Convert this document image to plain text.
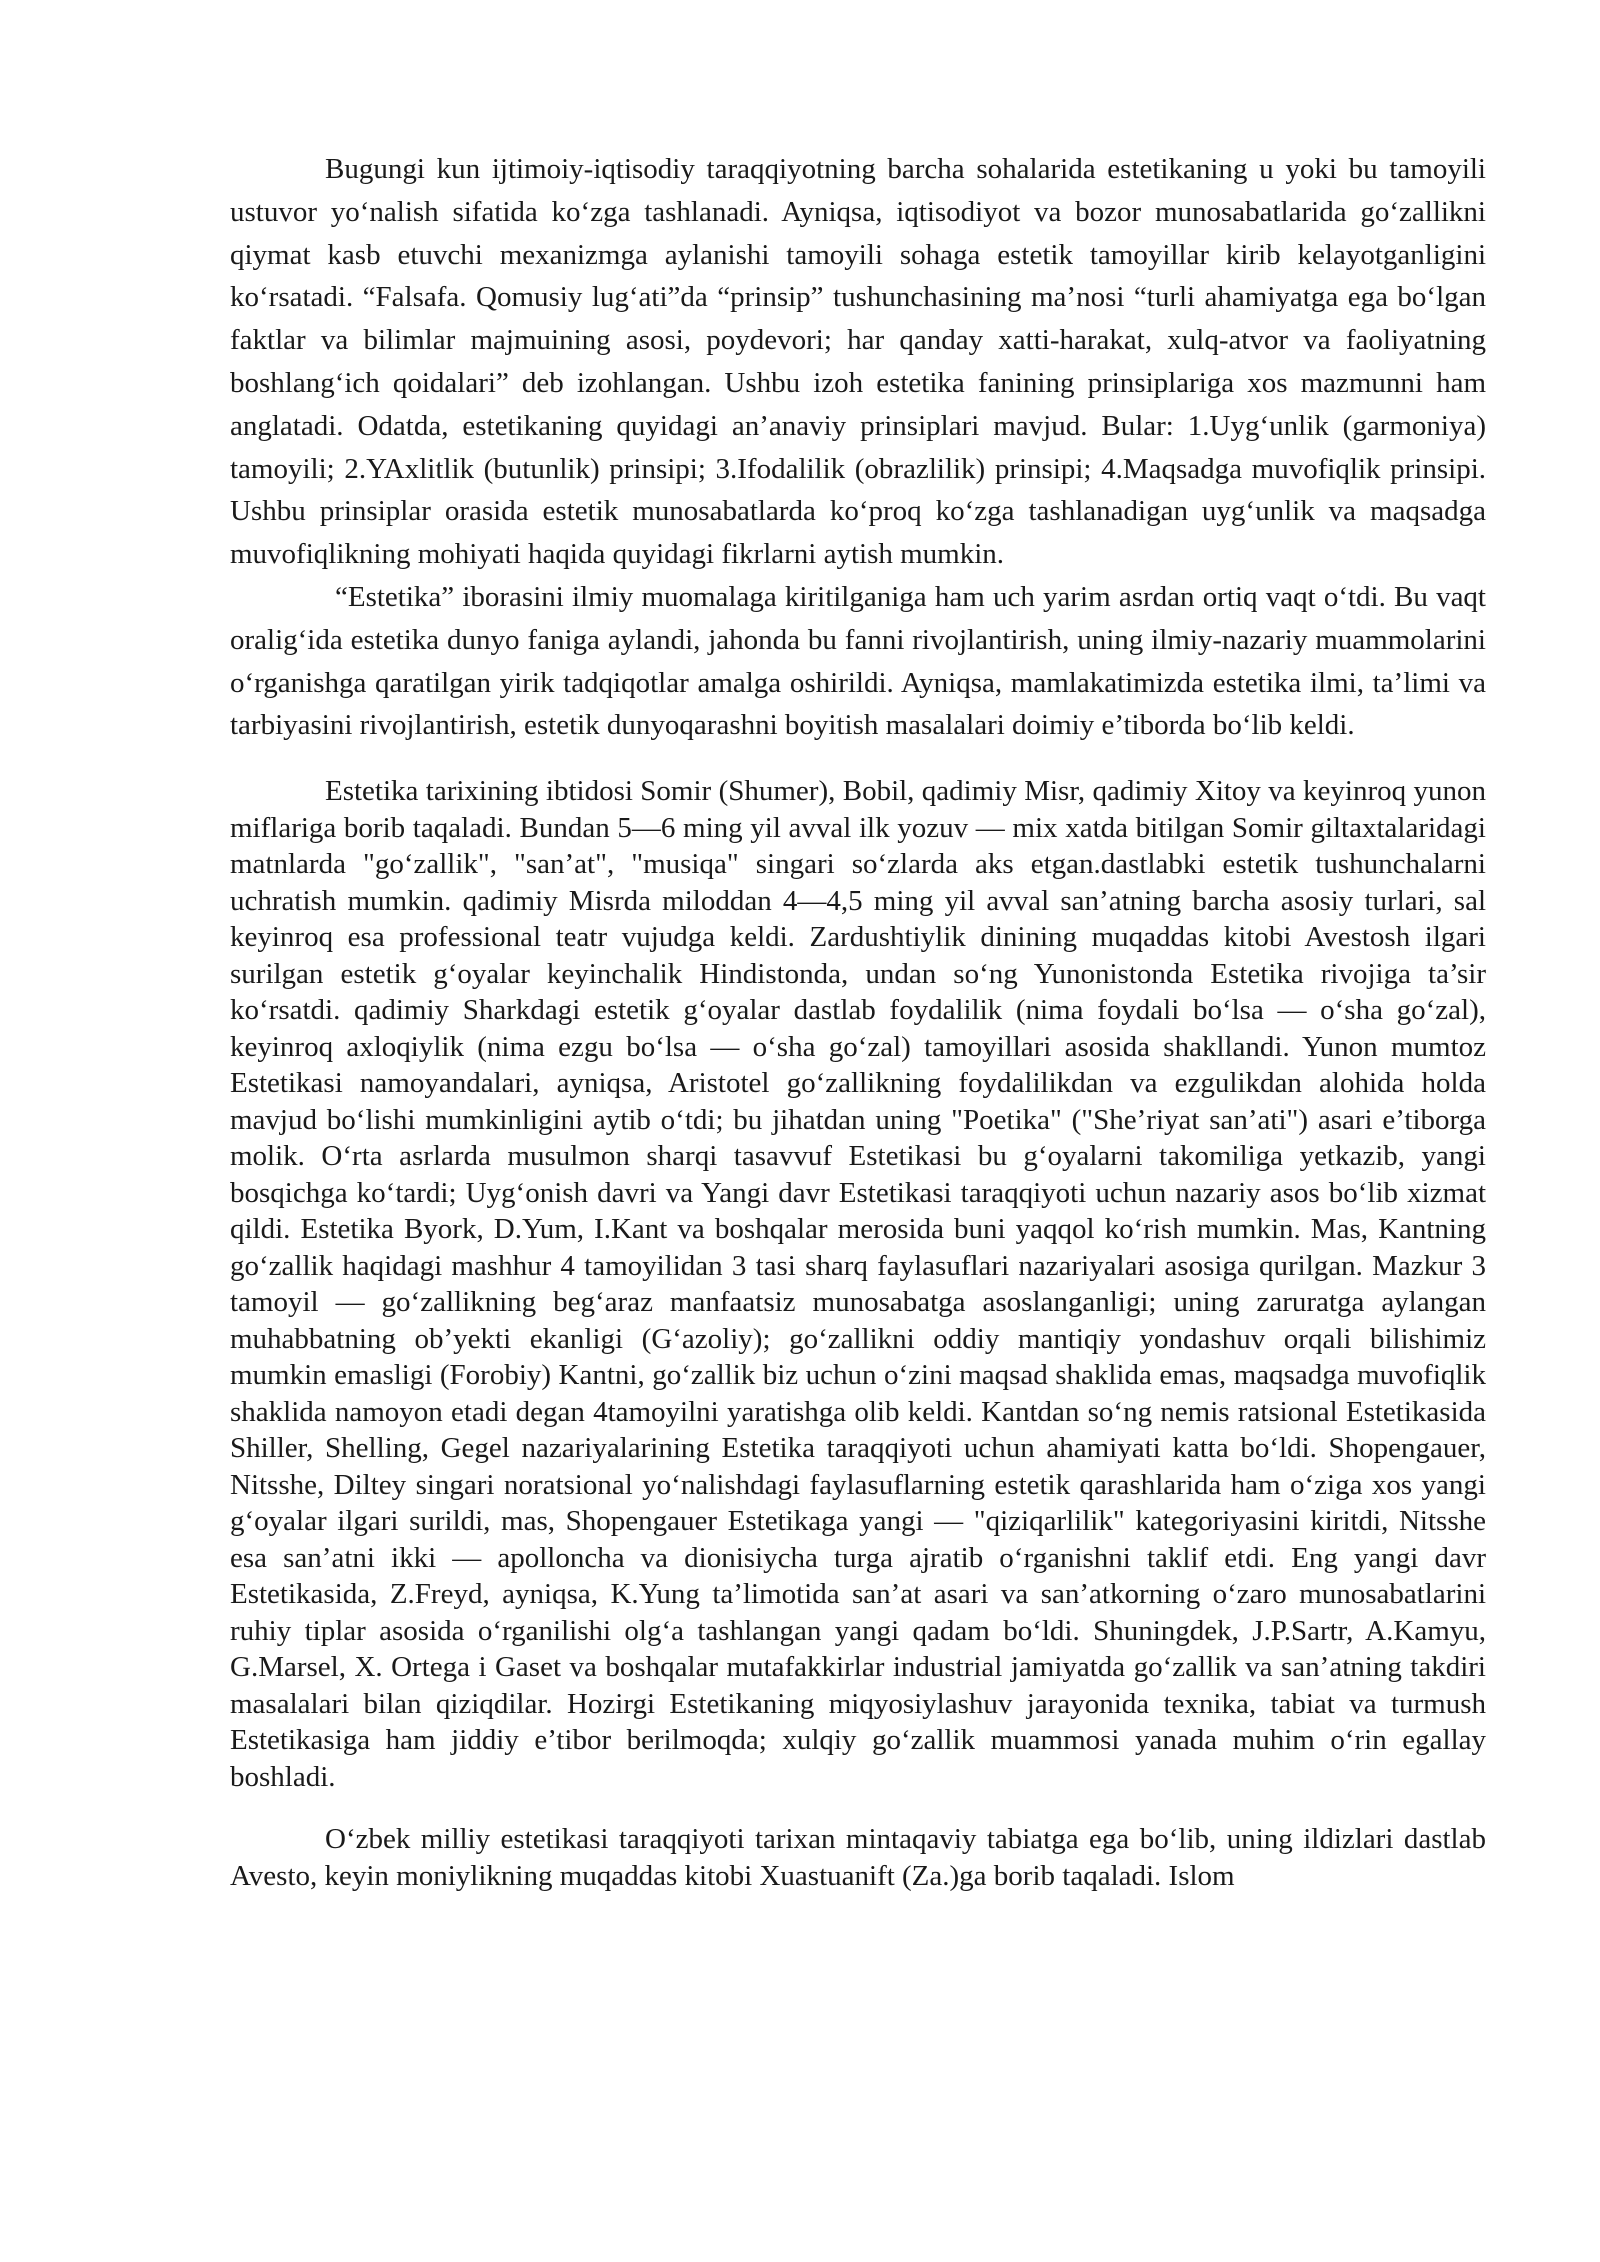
Bugungi kun ijtimoiy-iqtisodiy taraqqiyotning barcha sohalarida estetikaning u yoki bu tamoyili ustuvor yoʻnalish sifatida koʻzga tashlanadi. Ayniqsa, iqtisodiyot va bozor munosabatlarida goʻzallikni qiymat kasb etuvchi mexanizmga aylanishi tamoyili sohaga estetik tamoyillar kirib kelayotganligini koʻrsatadi. “Falsafa. Qomusiy lugʻati”da “prinsip” tushunchasining ma’nosi “turli ahamiyatga ega boʻlgan faktlar va bilimlar majmuining asosi, poydevori; har qanday xatti-harakat, xulq-atvor va faoliyatning boshlangʻich qoidalari” deb izohlangan. Ushbu izoh estetika fanining prinsiplariga xos mazmunni ham anglatadi. Odatda, estetikaning quyidagi an’anaviy prinsiplari mavjud. Bular: 1.Uygʻunlik (garmoniya) tamoyili; 2.YAxlitlik (butunlik) prinsipi; 3.Ifodalilik (obrazlilik) prinsipi; 4.Maqsadga muvofiqlik prinsipi. Ushbu prinsiplar orasida estetik munosabatlarda koʻproq koʻzga tashlanadigan uygʻunlik va maqsadga muvofiqlikning mohiyati haqida quyidagi fikrlarni aytish mumkin.

“Estetika” iborasini ilmiy muomalaga kiritilganiga ham uch yarim asrdan ortiq vaqt oʻtdi. Bu vaqt oraligʻida estetika dunyo faniga aylandi, jahonda bu fanni rivojlantirish, uning ilmiy-nazariy muammolarini oʻrganishga qaratilgan yirik tadqiqotlar amalga oshirildi. Ayniqsa, mamlakatimizda estetika ilmi, ta’limi va tarbiyasini rivojlantirish, estetik dunyoqarashni boyitish masalalari doimiy e’tiborda boʻlib keldi.

Estetika tarixining ibtidosi Somir (Shumer), Bobil, qadimiy Misr, qadimiy Xitoy va keyinroq yunon miflariga borib taqaladi. Bundan 5—6 ming yil avval ilk yozuv — mix xatda bitilgan Somir giltaxtalaridagi matnlarda "goʻzallik", "san’at", "musiqa" singari soʻzlarda aks etgan.dastlabki estetik tushunchalarni uchratish mumkin. qadimiy Misrda miloddan 4—4,5 ming yil avval san’atning barcha asosiy turlari, sal keyinroq esa professional teatr vujudga keldi. Zardushtiylik dinining muqaddas kitobi Avestosh ilgari surilgan estetik gʻoyalar keyinchalik Hindistonda, undan soʻng Yunonistonda Estetika rivojiga ta’sir koʻrsatdi. qadimiy Sharkdagi estetik gʻoyalar dastlab foydalilik (nima foydali boʻlsa — oʻsha goʻzal), keyinroq axloqiylik (nima ezgu boʻlsa — oʻsha goʻzal) tamoyillari asosida shakllandi. Yunon mumtoz Estetikasi namoyandalari, ayniqsa, Aristotel goʻzallikning foydalilikdan va ezgulikdan alohida holda mavjud boʻlishi mumkinligini aytib oʻtdi; bu jihatdan uning "Poetika" ("She’riyat san’ati") asari e’tiborga molik. Oʻrta asrlarda musulmon sharqi tasavvuf Estetikasi bu gʻoyalarni takomiliga yetkazib, yangi bosqichga koʻtardi; Uygʻonish davri va Yangi davr Estetikasi taraqqiyoti uchun nazariy asos boʻlib xizmat qildi. Estetika Byork, D.Yum, I.Kant va boshqalar merosida buni yaqqol koʻrish mumkin. Mas, Kantning goʻzallik haqidagi mashhur 4 tamoyilidan 3 tasi sharq faylasuflari nazariyalari asosiga qurilgan. Mazkur 3 tamoyil — goʻzallikning begʻaraz manfaatsiz munosabatga asoslanganligi; uning zaruratga aylangan muhabbatning ob’yekti ekanligi (Gʻazoliy); goʻzallikni oddiy mantiqiy yondashuv orqali bilishimiz mumkin emasligi (Forobiy) Kantni, goʻzallik biz uchun oʻzini maqsad shaklida emas, maqsadga muvofiqlik shaklida namoyon etadi degan 4tamoyilni yaratishga olib keldi. Kantdan soʻng nemis ratsional Estetikasida Shiller, Shelling, Gegel nazariyalarining Estetika taraqqiyoti uchun ahamiyati katta boʻldi. Shopengauer, Nitsshe, Diltey singari noratsional yoʻnalishdagi faylasuflarning estetik qarashlarida ham oʻziga xos yangi gʻoyalar ilgari surildi, mas, Shopengauer Estetikaga yangi — "qiziqarlilik" kategoriyasini kiritdi, Nitsshe esa san’atni ikki — apolloncha va dionisiycha turga ajratib oʻrganishni taklif etdi. Eng yangi davr Estetikasida, Z.Freyd, ayniqsa, K.Yung ta’limotida san’at asari va san’atkorning oʻzaro munosabatlarini ruhiy tiplar asosida oʻrganilishi olgʻa tashlangan yangi qadam boʻldi. Shuningdek, J.P.Sartr, A.Kamyu, G.Marsel, X. Ortega i Gaset va boshqalar mutafakkirlar industrial jamiyatda goʻzallik va san’atning takdiri masalalari bilan qiziqdilar. Hozirgi Estetikaning miqyosiylashuv jarayonida texnika, tabiat va turmush Estetikasiga ham jiddiy e’tibor berilmoqda; xulqiy goʻzallik muammosi yanada muhim oʻrin egallay boshladi.

Oʻzbek milliy estetikasi taraqqiyoti tarixan mintaqaviy tabiatga ega boʻlib, uning ildizlari dastlab Avesto, keyin moniylikning muqaddas kitobi Xuastuanift (Za.)ga borib taqaladi. Islom
